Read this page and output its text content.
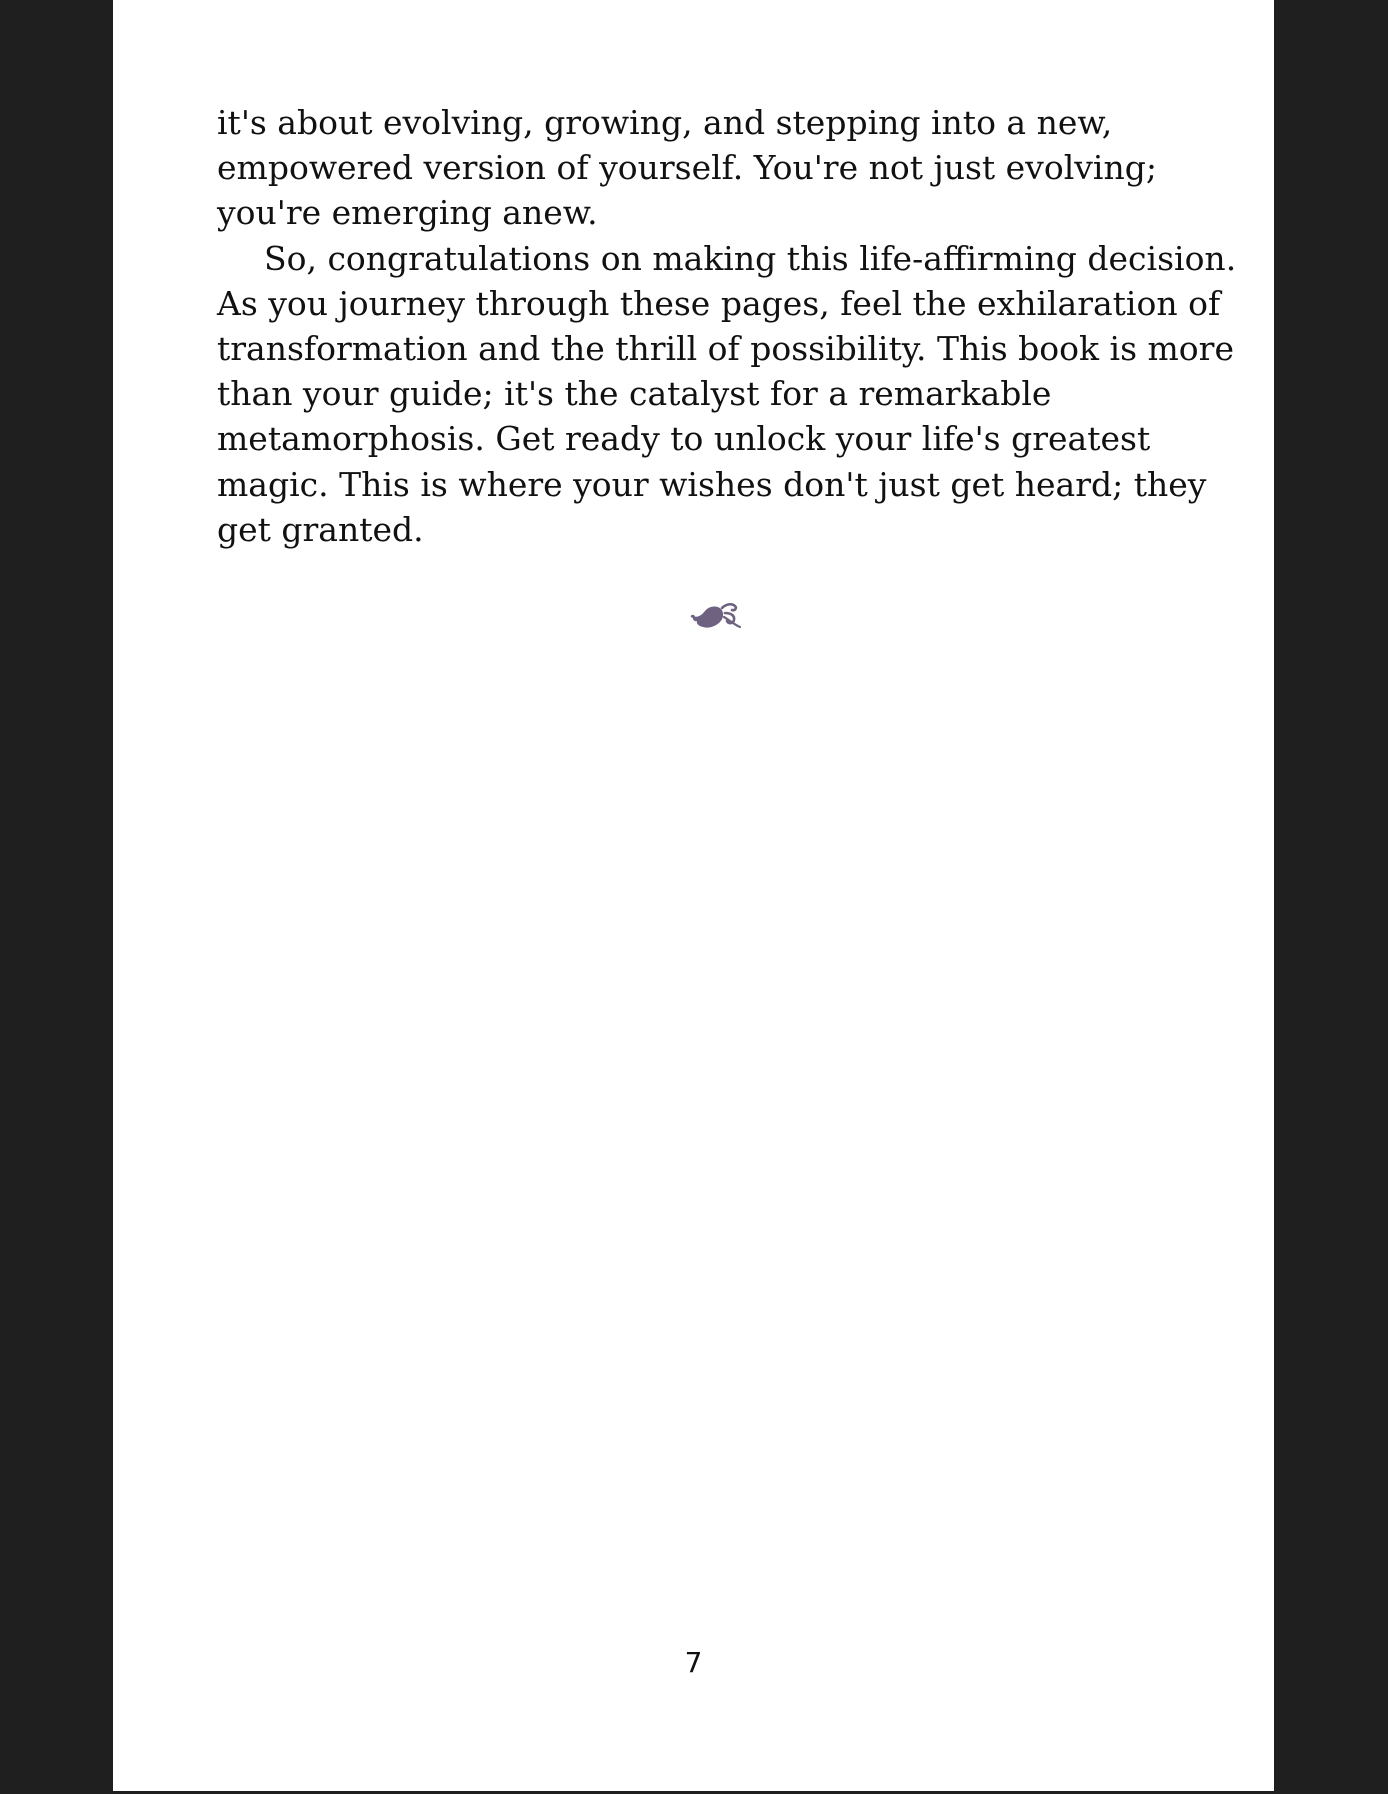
it's about evolving, growing, and stepping into a new,

empowered version of yourself. You're not just evolving;

you're emerging anew.

So, congratulations on making this life-affirming decision.

As you journey through these pages, feel the exhilaration of

transformation and the thrill of possibility. This book is more

than your guide; it's the catalyst for a remarkable

metamorphosis. Get ready to unlock your life's greatest

magic. This is where your wishes don't just get heard; they

get granted.

7
